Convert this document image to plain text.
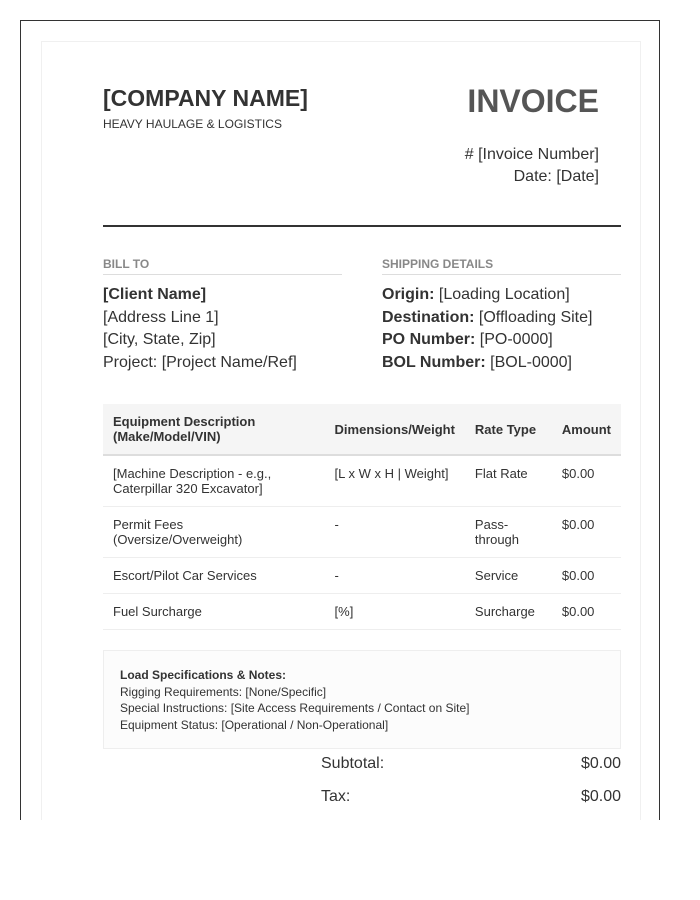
[COMPANY NAME]
HEAVY HAULAGE & LOGISTICS
INVOICE
# [Invoice Number]
Date: [Date]
BILL TO	SHIPPING DETAILS
[Client Name]
[Address Line 1]
[City, State, Zip]
Project: [Project Name/Ref]
Origin: [Loading Location]
Destination: [Offloading Site]
PO Number: [PO-0000]
BOL Number: [BOL-0000]
Equipment Description (Make/Model/VIN)	Dimensions/Weight	Rate Type	Amount
[Machine Description - e.g., Caterpillar 320 Excavator]	[L x W x H | Weight]	Flat Rate	$0.00
Permit Fees (Oversize/Overweight)	-	Pass-through	$0.00
Escort/Pilot Car Services	-	Service	$0.00
Fuel Surcharge	[%]	Surcharge	$0.00
Load Specifications & Notes:
Rigging Requirements: [None/Specific]
Special Instructions: [Site Access Requirements / Contact on Site]
Equipment Status: [Operational / Non-Operational]
Subtotal:	$0.00
Tax:	$0.00
